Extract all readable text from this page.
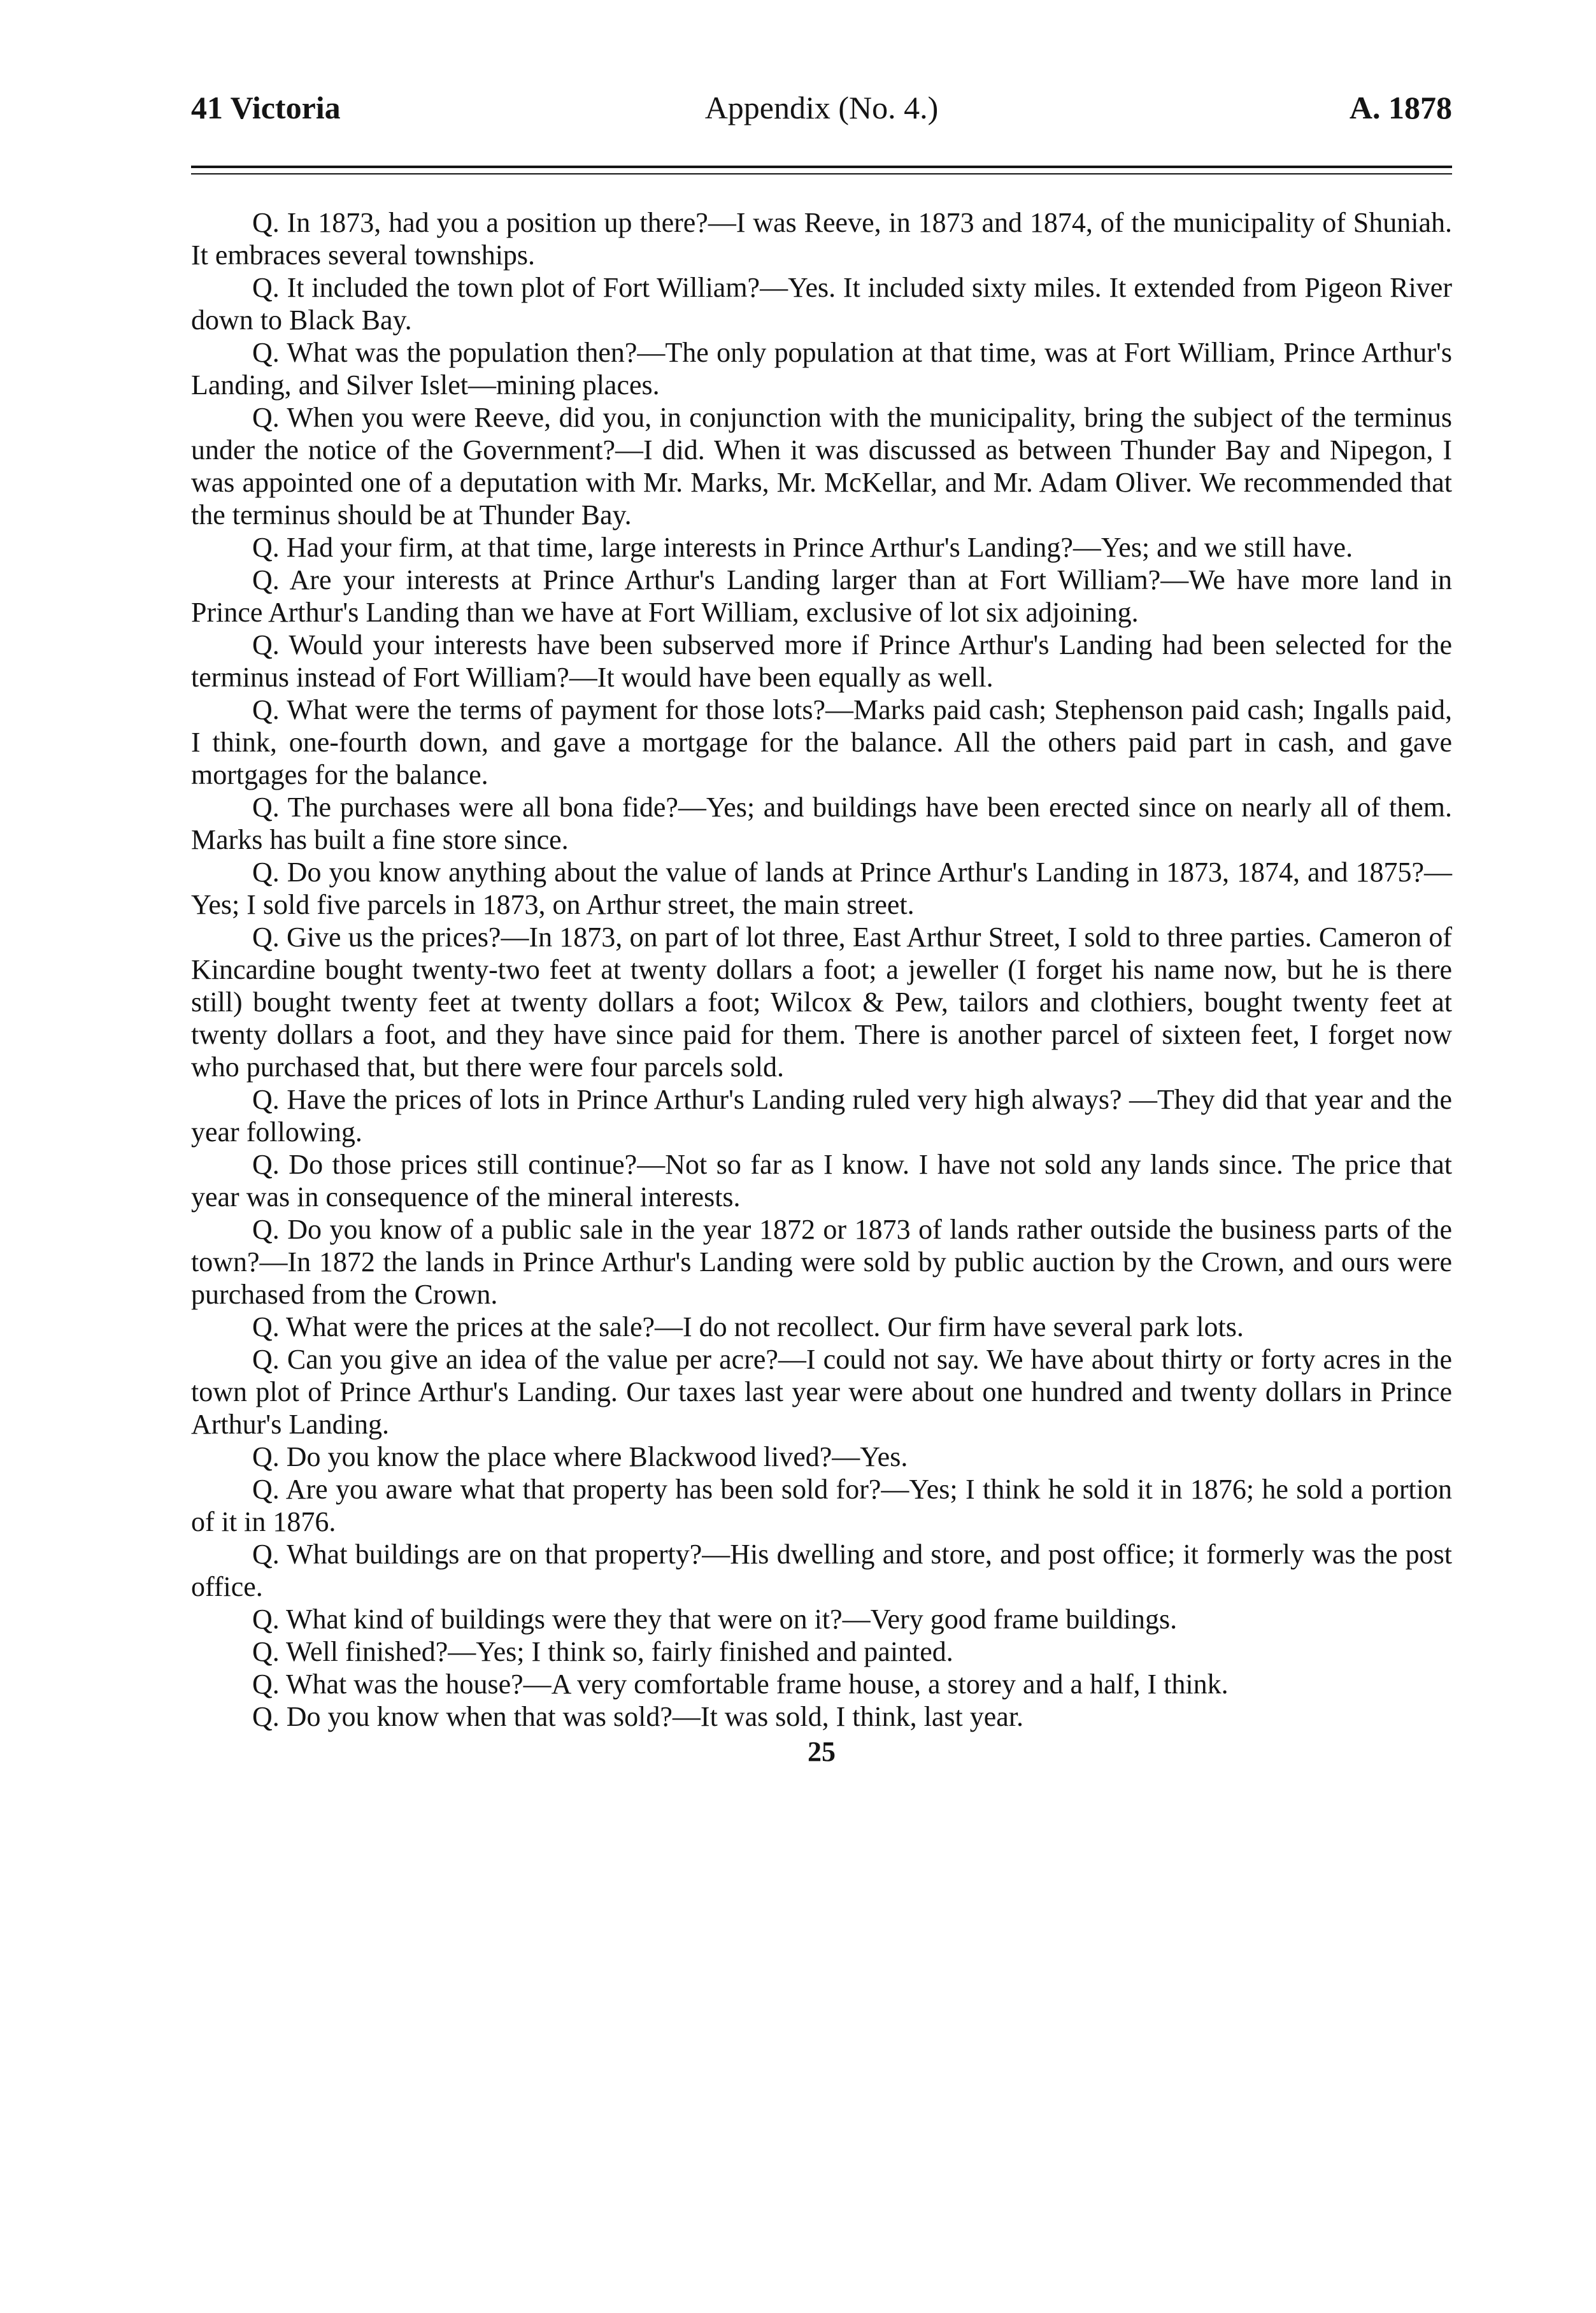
41 Victoria	Appendix (No. 4.)	A. 1878

Q. In 1873, had you a position up there?—I was Reeve, in 1873 and 1874, of the municipality of Shuniah. It embraces several townships.

Q. It included the town plot of Fort William?—Yes. It included sixty miles. It extended from Pigeon River down to Black Bay.

Q. What was the population then?—The only population at that time, was at Fort William, Prince Arthur's Landing, and Silver Islet—mining places.

Q. When you were Reeve, did you, in conjunction with the municipality, bring the subject of the terminus under the notice of the Government?—I did. When it was discussed as between Thunder Bay and Nipegon, I was appointed one of a deputation with Mr. Marks, Mr. McKellar, and Mr. Adam Oliver. We recommended that the terminus should be at Thunder Bay.

Q. Had your firm, at that time, large interests in Prince Arthur's Landing?—Yes; and we still have.

Q. Are your interests at Prince Arthur's Landing larger than at Fort William?—We have more land in Prince Arthur's Landing than we have at Fort William, exclusive of lot six adjoining.

Q. Would your interests have been subserved more if Prince Arthur's Landing had been selected for the terminus instead of Fort William?—It would have been equally as well.

Q. What were the terms of payment for those lots?—Marks paid cash; Stephenson paid cash; Ingalls paid, I think, one-fourth down, and gave a mortgage for the balance. All the others paid part in cash, and gave mortgages for the balance.

Q. The purchases were all bona fide?—Yes; and buildings have been erected since on nearly all of them. Marks has built a fine store since.

Q. Do you know anything about the value of lands at Prince Arthur's Landing in 1873, 1874, and 1875?—Yes; I sold five parcels in 1873, on Arthur street, the main street.

Q. Give us the prices?—In 1873, on part of lot three, East Arthur Street, I sold to three parties. Cameron of Kincardine bought twenty-two feet at twenty dollars a foot; a jeweller (I forget his name now, but he is there still) bought twenty feet at twenty dollars a foot; Wilcox & Pew, tailors and clothiers, bought twenty feet at twenty dollars a foot, and they have since paid for them. There is another parcel of sixteen feet, I forget now who purchased that, but there were four parcels sold.

Q. Have the prices of lots in Prince Arthur's Landing ruled very high always? —They did that year and the year following.

Q. Do those prices still continue?—Not so far as I know. I have not sold any lands since. The price that year was in consequence of the mineral interests.

Q. Do you know of a public sale in the year 1872 or 1873 of lands rather outside the business parts of the town?—In 1872 the lands in Prince Arthur's Landing were sold by public auction by the Crown, and ours were purchased from the Crown.

Q. What were the prices at the sale?—I do not recollect. Our firm have several park lots.

Q. Can you give an idea of the value per acre?—I could not say. We have about thirty or forty acres in the town plot of Prince Arthur's Landing. Our taxes last year were about one hundred and twenty dollars in Prince Arthur's Landing.

Q. Do you know the place where Blackwood lived?—Yes.

Q. Are you aware what that property has been sold for?—Yes; I think he sold it in 1876; he sold a portion of it in 1876.

Q. What buildings are on that property?—His dwelling and store, and post office; it formerly was the post office.

Q. What kind of buildings were they that were on it?—Very good frame buildings.

Q. Well finished?—Yes; I think so, fairly finished and painted.

Q. What was the house?—A very comfortable frame house, a storey and a half, I think.

Q. Do you know when that was sold?—It was sold, I think, last year.

25
